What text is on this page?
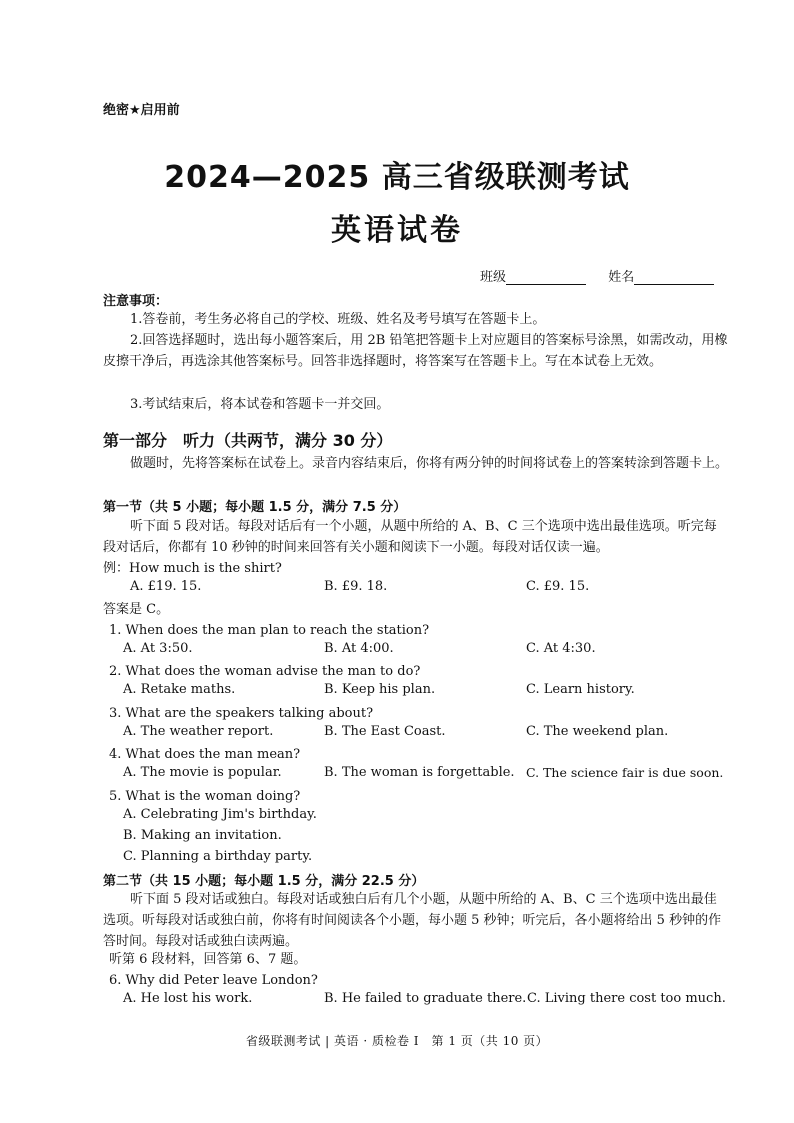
绝密★启用前
2024—2025 高三省级联测考试
英语试卷
班级	姓名
注意事项：
1.答卷前，考生务必将自己的学校、班级、姓名及考号填写在答题卡上。
2.回答选择题时，选出每小题答案后，用 2B 铅笔把答题卡上对应题目的答案标号涂黑，如需改动，用橡皮擦干净后，再选涂其他答案标号。回答非选择题时，将答案写在答题卡上。写在本试卷上无效。
3.考试结束后，将本试卷和答题卡一并交回。
第一部分　听力（共两节，满分 30 分）
做题时，先将答案标在试卷上。录音内容结束后，你将有两分钟的时间将试卷上的答案转涂到答题卡上。
第一节（共 5 小题；每小题 1.5 分，满分 7.5 分）
听下面 5 段对话。每段对话后有一个小题，从题中所给的 A、B、C 三个选项中选出最佳选项。听完每段对话后，你都有 10 秒钟的时间来回答有关小题和阅读下一小题。每段对话仅读一遍。
例：How much is the shirt?
A. £19. 15.	B. £9. 18.	C. £9. 15.
答案是 C。
1. When does the man plan to reach the station?
A. At 3:50.	B. At 4:00.	C. At 4:30.
2. What does the woman advise the man to do?
A. Retake maths.	B. Keep his plan.	C. Learn history.
3. What are the speakers talking about?
A. The weather report.	B. The East Coast.	C. The weekend plan.
4. What does the man mean?
A. The movie is popular.	B. The woman is forgettable. C. The science fair is due soon.
5. What is the woman doing?
A. Celebrating Jim's birthday.
B. Making an invitation.
C. Planning a birthday party.
第二节（共 15 小题；每小题 1.5 分，满分 22.5 分）
听下面 5 段对话或独白。每段对话或独白后有几个小题，从题中所给的 A、B、C 三个选项中选出最佳选项。听每段对话或独白前，你将有时间阅读各个小题，每小题 5 秒钟；听完后，各小题将给出 5 秒钟的作答时间。每段对话或独白读两遍。
听第 6 段材料，回答第 6、7 题。
6. Why did Peter leave London?
A. He lost his work.	B. He failed to graduate there. C. Living there cost too much.
省级联测考试 | 英语 · 质检卷 Ⅰ　第 1 页（共 10 页）
